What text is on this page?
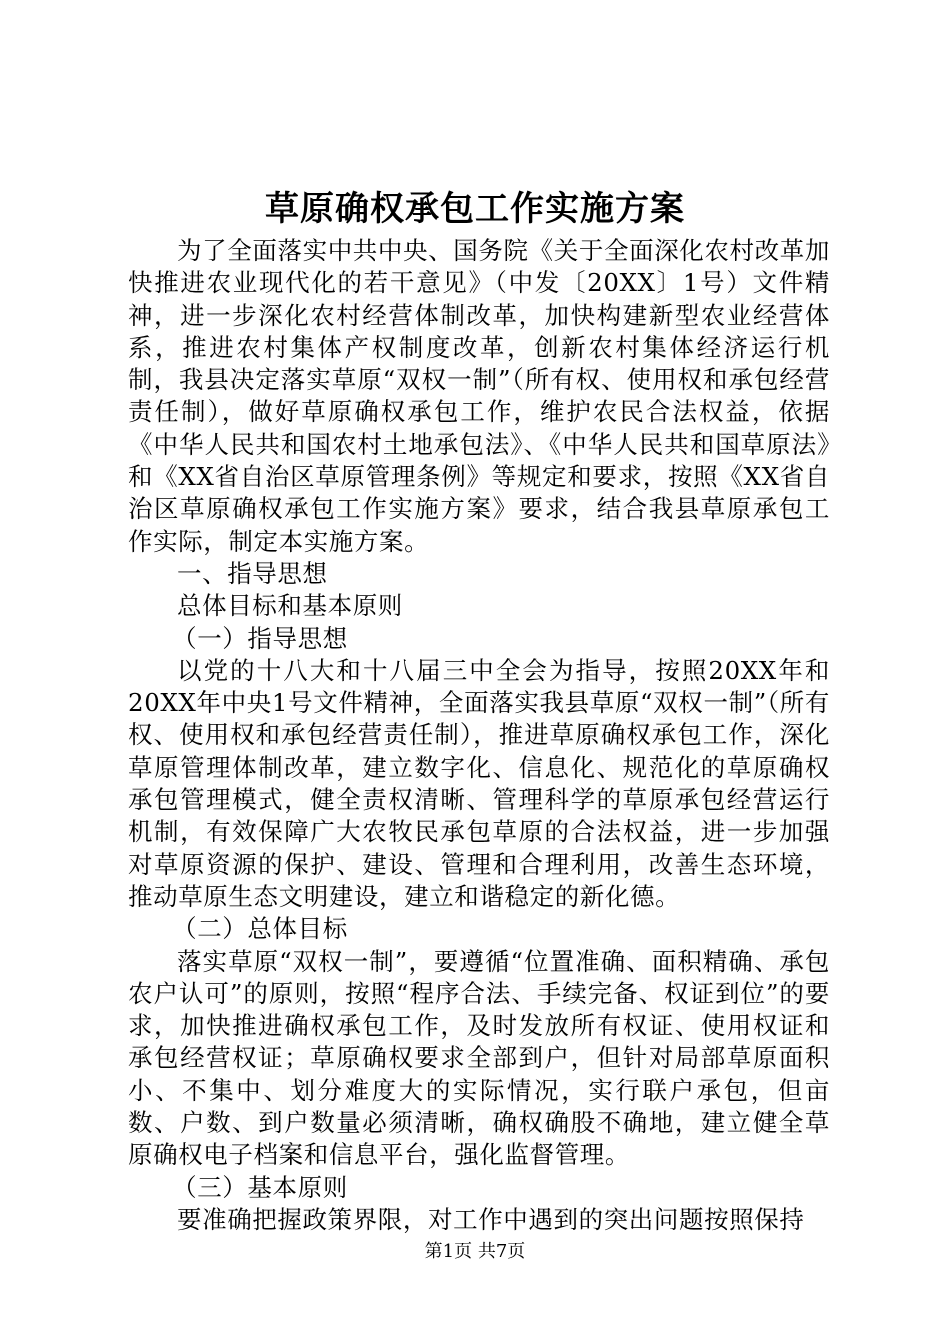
草原确权承包工作实施方案

为了全面落实中共中央、国务院《关于全面深化农村改革加快推进农业现代化的若干意见》（中发〔20XX〕1号）文件精神，进一步深化农村经营体制改革，加快构建新型农业经营体系，推进农村集体产权制度改革，创新农村集体经济运行机制，我县决定落实草原“双权一制”（所有权、使用权和承包经营责任制），做好草原确权承包工作，维护农民合法权益，依据《中华人民共和国农村土地承包法》、《中华人民共和国草原法》和《XX省自治区草原管理条例》等规定和要求，按照《XX省自治区草原确权承包工作实施方案》要求，结合我县草原承包工作实际，制定本实施方案。

一、指导思想

总体目标和基本原则

（一）指导思想

以党的十八大和十八届三中全会为指导，按照20XX年和20XX年中央1号文件精神，全面落实我县草原“双权一制”（所有权、使用权和承包经营责任制），推进草原确权承包工作，深化草原管理体制改革，建立数字化、信息化、规范化的草原确权承包管理模式，健全责权清晰、管理科学的草原承包经营运行机制，有效保障广大农牧民承包草原的合法权益，进一步加强对草原资源的保护、建设、管理和合理利用，改善生态环境，推动草原生态文明建设，建立和谐稳定的新化德。

（二）总体目标

落实草原“双权一制”，要遵循“位置准确、面积精确、承包农户认可”的原则，按照“程序合法、手续完备、权证到位”的要求，加快推进确权承包工作，及时发放所有权证、使用权证和承包经营权证；草原确权要求全部到户，但针对局部草原面积小、不集中、划分难度大的实际情况，实行联户承包，但亩数、户数、到户数量必须清晰，确权确股不确地，建立健全草原确权电子档案和信息平台，强化监督管理。

（三）基本原则

要准确把握政策界限，对工作中遇到的突出问题按照保持

第1页 共7页
